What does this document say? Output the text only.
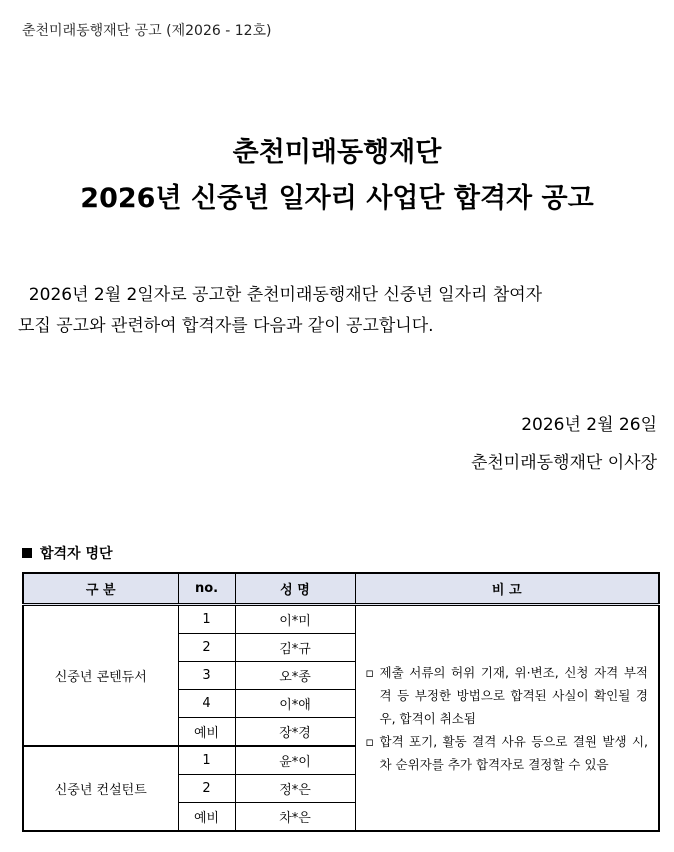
춘천미래동행재단 공고 (제2026 - 12호)
춘천미래동행재단
2026년 신중년 일자리 사업단 합격자 공고

2026년 2월 2일자로 공고한 춘천미래동행재단 신중년 일자리 참여자

모집 공고와 관련하여 합격자를 다음과 같이 공고합니다.

2026년 2월 26일
춘천미래동행재단 이사장
합격자 명단
구 분	no.	성 명	비 고
신중년 콘텐듀서	1	이*미	▫ 제출 서류의 허위 기재, 위·변조, 신청 자격 부적격 등 부정한 방법으로 합격된 사실이 확인될 경우, 합격이 취소됨
▫ 합격 포기, 활동 결격 사유 등으로 결원 발생 시, 차 순위자를 추가 합격자로 결정할 수 있음

	2	김*규	
	3	오*종	
	4	이*애	
	예비	장*경	
신중년 컨설턴트	1	윤*이	
	2	정*은	
	예비	차*은	
